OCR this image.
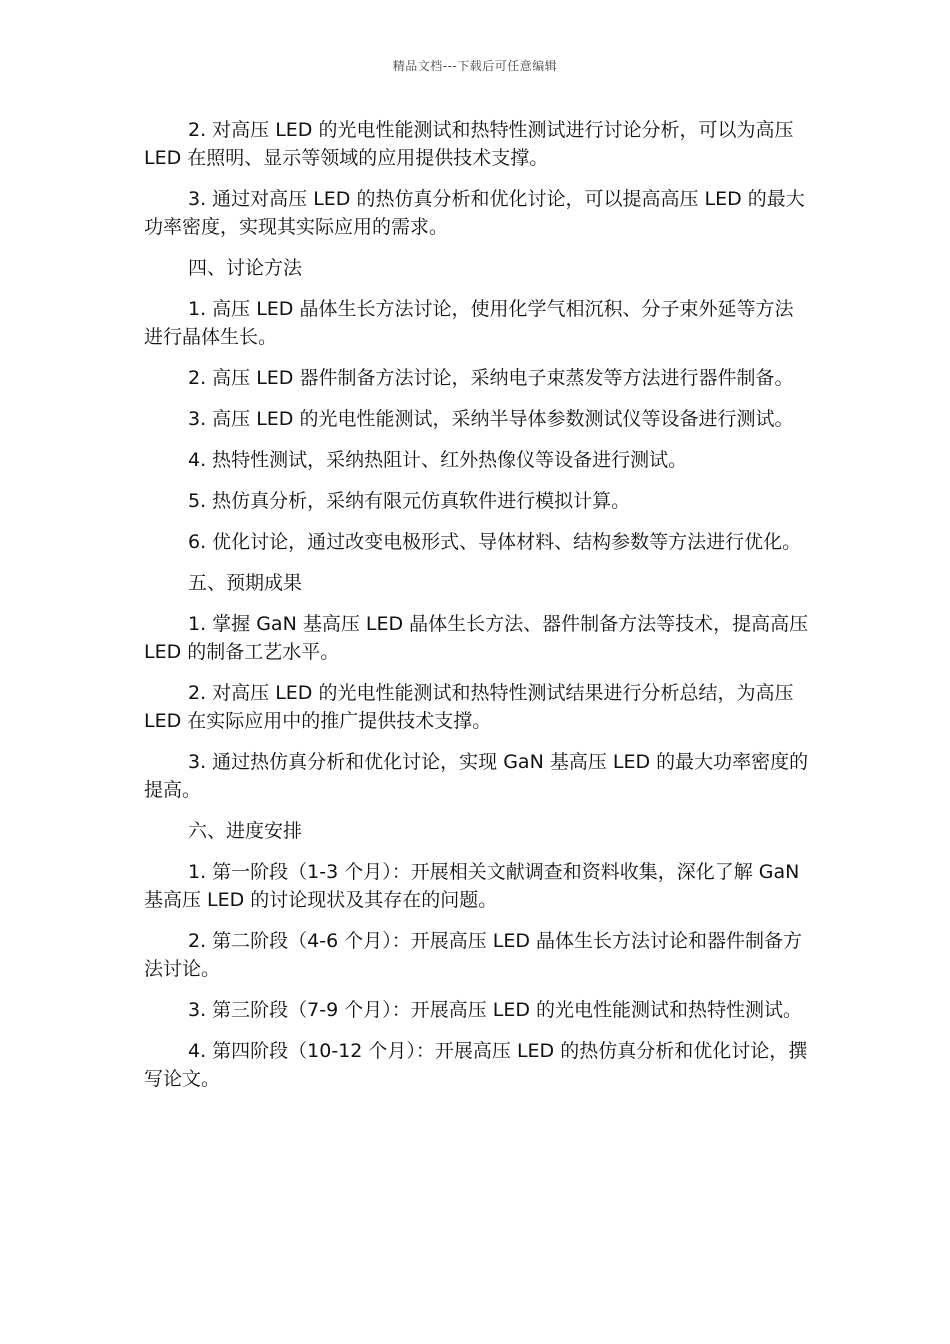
精品文档---下载后可任意编辑

2. 对高压 LED 的光电性能测试和热特性测试进行讨论分析，可以为高压 LED 在照明、显示等领域的应用提供技术支撑。

3. 通过对高压 LED 的热仿真分析和优化讨论，可以提高高压 LED 的最大功率密度，实现其实际应用的需求。

四、讨论方法

1. 高压 LED 晶体生长方法讨论，使用化学气相沉积、分子束外延等方法进行晶体生长。

2. 高压 LED 器件制备方法讨论，采纳电子束蒸发等方法进行器件制备。

3. 高压 LED 的光电性能测试，采纳半导体参数测试仪等设备进行测试。

4. 热特性测试，采纳热阻计、红外热像仪等设备进行测试。

5. 热仿真分析，采纳有限元仿真软件进行模拟计算。

6. 优化讨论，通过改变电极形式、导体材料、结构参数等方法进行优化。

五、预期成果

1. 掌握 GaN 基高压 LED 晶体生长方法、器件制备方法等技术，提高高压 LED 的制备工艺水平。

2. 对高压 LED 的光电性能测试和热特性测试结果进行分析总结，为高压 LED 在实际应用中的推广提供技术支撑。

3. 通过热仿真分析和优化讨论，实现 GaN 基高压 LED 的最大功率密度的提高。

六、进度安排

1. 第一阶段（1-3 个月）：开展相关文献调查和资料收集，深化了解 GaN 基高压 LED 的讨论现状及其存在的问题。

2. 第二阶段（4-6 个月）：开展高压 LED 晶体生长方法讨论和器件制备方法讨论。

3. 第三阶段（7-9 个月）：开展高压 LED 的光电性能测试和热特性测试。

4. 第四阶段（10-12 个月）：开展高压 LED 的热仿真分析和优化讨论，撰写论文。
